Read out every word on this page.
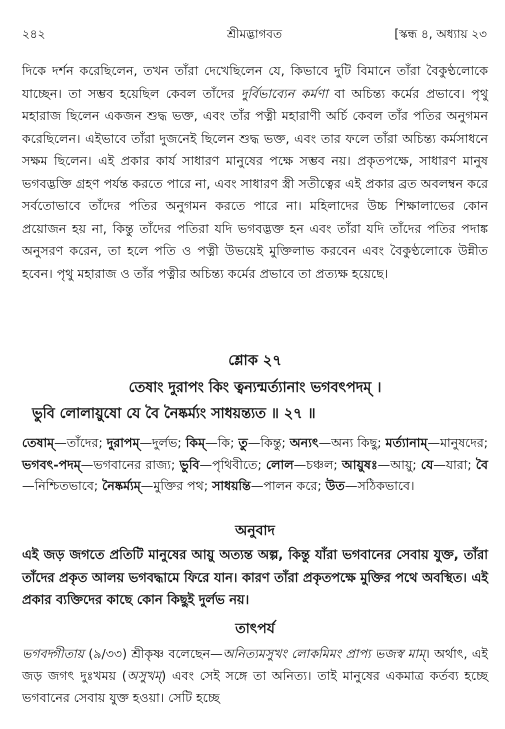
২৪২	শ্রীমদ্ভাগবত	[স্কন্ধ ৪, অধ্যায় ২৩

দিকে দর্শন করেছিলেন, তখন তাঁরা দেখেছিলেন যে, কিভাবে দুটি বিমানে তাঁরা বৈকুণ্ঠলোকে যাচ্ছেন। তা সম্ভব হয়েছিল কেবল তাঁদের দুর্বিভাব্যেন কর্মণা বা অচিন্ত্য কর্মের প্রভাবে। পৃথু মহারাজ ছিলেন একজন শুদ্ধ ভক্ত, এবং তাঁর পত্নী মহারাণী অর্চি কেবল তাঁর পতির অনুগমন করেছিলেন। এইভাবে তাঁরা দুজনেই ছিলেন শুদ্ধ ভক্ত, এবং তার ফলে তাঁরা অচিন্ত্য কর্মসাধনে সক্ষম ছিলেন। এই প্রকার কার্য সাধারণ মানুষের পক্ষে সম্ভব নয়। প্রকৃতপক্ষে, সাধারণ মানুষ ভগবদ্ভক্তি গ্রহণ পর্যন্ত করতে পারে না, এবং সাধারণ স্ত্রী সতীত্বের এই প্রকার ব্রত অবলম্বন করে সর্বতোভাবে তাঁদের পতির অনুগমন করতে পারে না। মহিলাদের উচ্চ শিক্ষালাভের কোন প্রয়োজন হয় না, কিন্তু তাঁদের পতিরা যদি ভগবদ্ভক্ত হন এবং তাঁরা যদি তাঁদের পতির পদাঙ্ক অনুসরণ করেন, তা হলে পতি ও পত্নী উভয়েই মুক্তিলাভ করবেন এবং বৈকুণ্ঠলোকে উন্নীত হবেন। পৃথু মহারাজ ও তাঁর পত্নীর অচিন্ত্য কর্মের প্রভাবে তা প্রত্যক্ষ হয়েছে।

শ্লোক ২৭

তেষাং দুরাপং কিং ত্বন্যন্মর্ত্যানাং ভগবৎপদম্ ।

ভুবি লোলায়ুষো যে বৈ নৈষ্কর্ম্যং সাধয়ন্ত্যত ॥ ২৭ ॥

তেষাম্—তাঁদের; দুরাপম্—দুর্লভ; কিম্—কি; তু—কিন্তু; অন্যৎ—অন্য কিছু; মর্ত্যানাম্—মানুষদের; ভগবৎ-পদম্—ভগবানের রাজ্য; ভুবি—পৃথিবীতে; লোল—চঞ্চল; আয়ুষঃ—আয়ু; যে—যারা; বৈ—নিশ্চিতভাবে; নৈষ্কর্ম্যম্—মুক্তির পথ; সাধয়ন্তি—পালন করে; উত—সঠিকভাবে।

অনুবাদ

এই জড় জগতে প্রতিটি মানুষের আয়ু অত্যন্ত অল্প, কিন্তু যাঁরা ভগবানের সেবায় যুক্ত, তাঁরা তাঁদের প্রকৃত আলয় ভগবদ্ধামে ফিরে যান। কারণ তাঁরা প্রকৃতপক্ষে মুক্তির পথে অবস্থিত। এই প্রকার ব্যক্তিদের কাছে কোন কিছুই দুর্লভ নয়।

তাৎপর্য

ভগবদ্গীতায় (৯/৩৩) শ্রীকৃষ্ণ বলেছেন—অনিত্যমসুখং লোকমিমং প্রাপ্য ভজস্ব মাম্। অর্থাৎ, এই জড় জগৎ দুঃখময় (অসুখম্) এবং সেই সঙ্গে তা অনিত্য। তাই মানুষের একমাত্র কর্তব্য হচ্ছে ভগবানের সেবায় যুক্ত হওয়া। সেটি হচ্ছে
